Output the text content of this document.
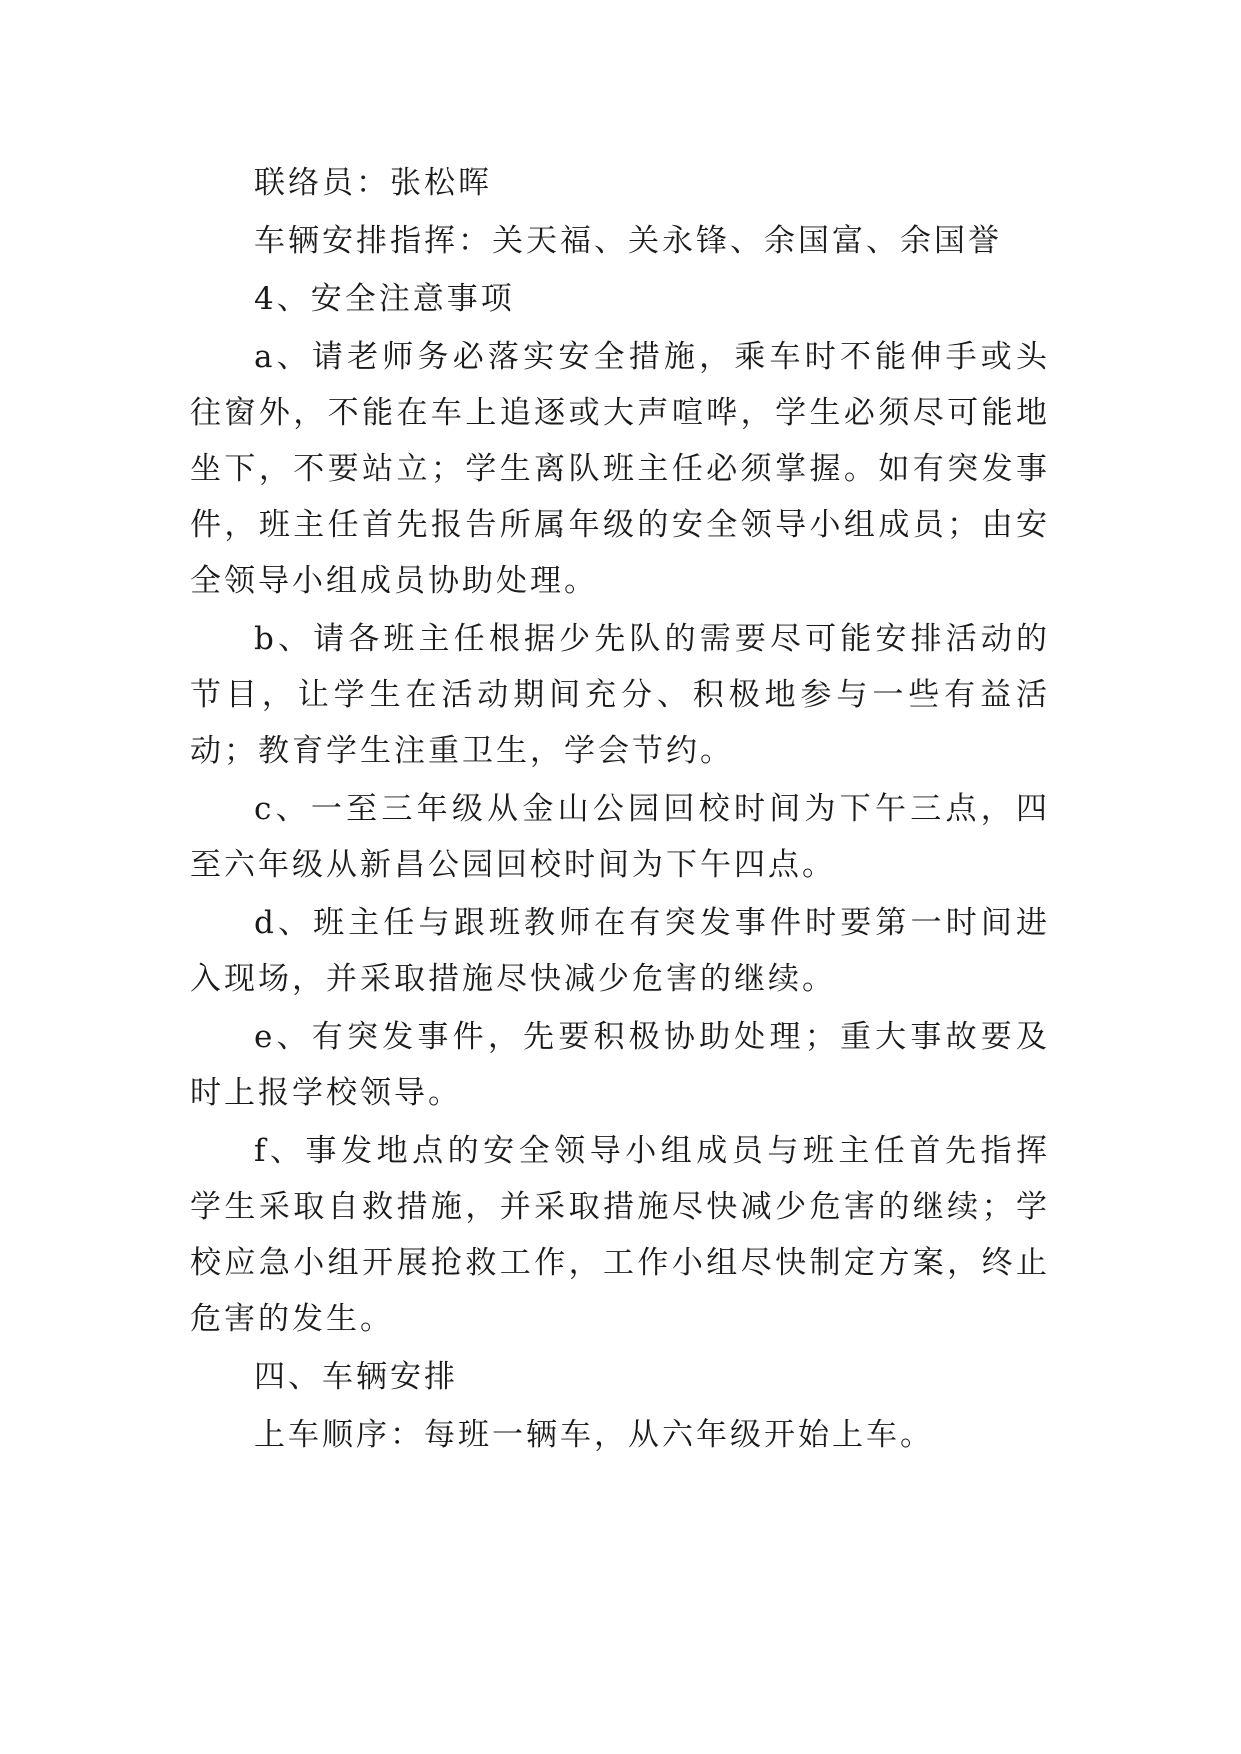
联络员：张松晖

车辆安排指挥：关天福、关永锋、余国富、余国誉

4、安全注意事项

a、请老师务必落实安全措施，乘车时不能伸手或头往窗外，不能在车上追逐或大声喧哗，学生必须尽可能地坐下，不要站立；学生离队班主任必须掌握。如有突发事件，班主任首先报告所属年级的安全领导小组成员；由安全领导小组成员协助处理。

b、请各班主任根据少先队的需要尽可能安排活动的节目，让学生在活动期间充分、积极地参与一些有益活动；教育学生注重卫生，学会节约。

c、一至三年级从金山公园回校时间为下午三点，四至六年级从新昌公园回校时间为下午四点。

d、班主任与跟班教师在有突发事件时要第一时间进入现场，并采取措施尽快减少危害的继续。

e、有突发事件，先要积极协助处理；重大事故要及时上报学校领导。

f、事发地点的安全领导小组成员与班主任首先指挥学生采取自救措施，并采取措施尽快减少危害的继续；学校应急小组开展抢救工作，工作小组尽快制定方案，终止危害的发生。

四、车辆安排

上车顺序：每班一辆车，从六年级开始上车。
